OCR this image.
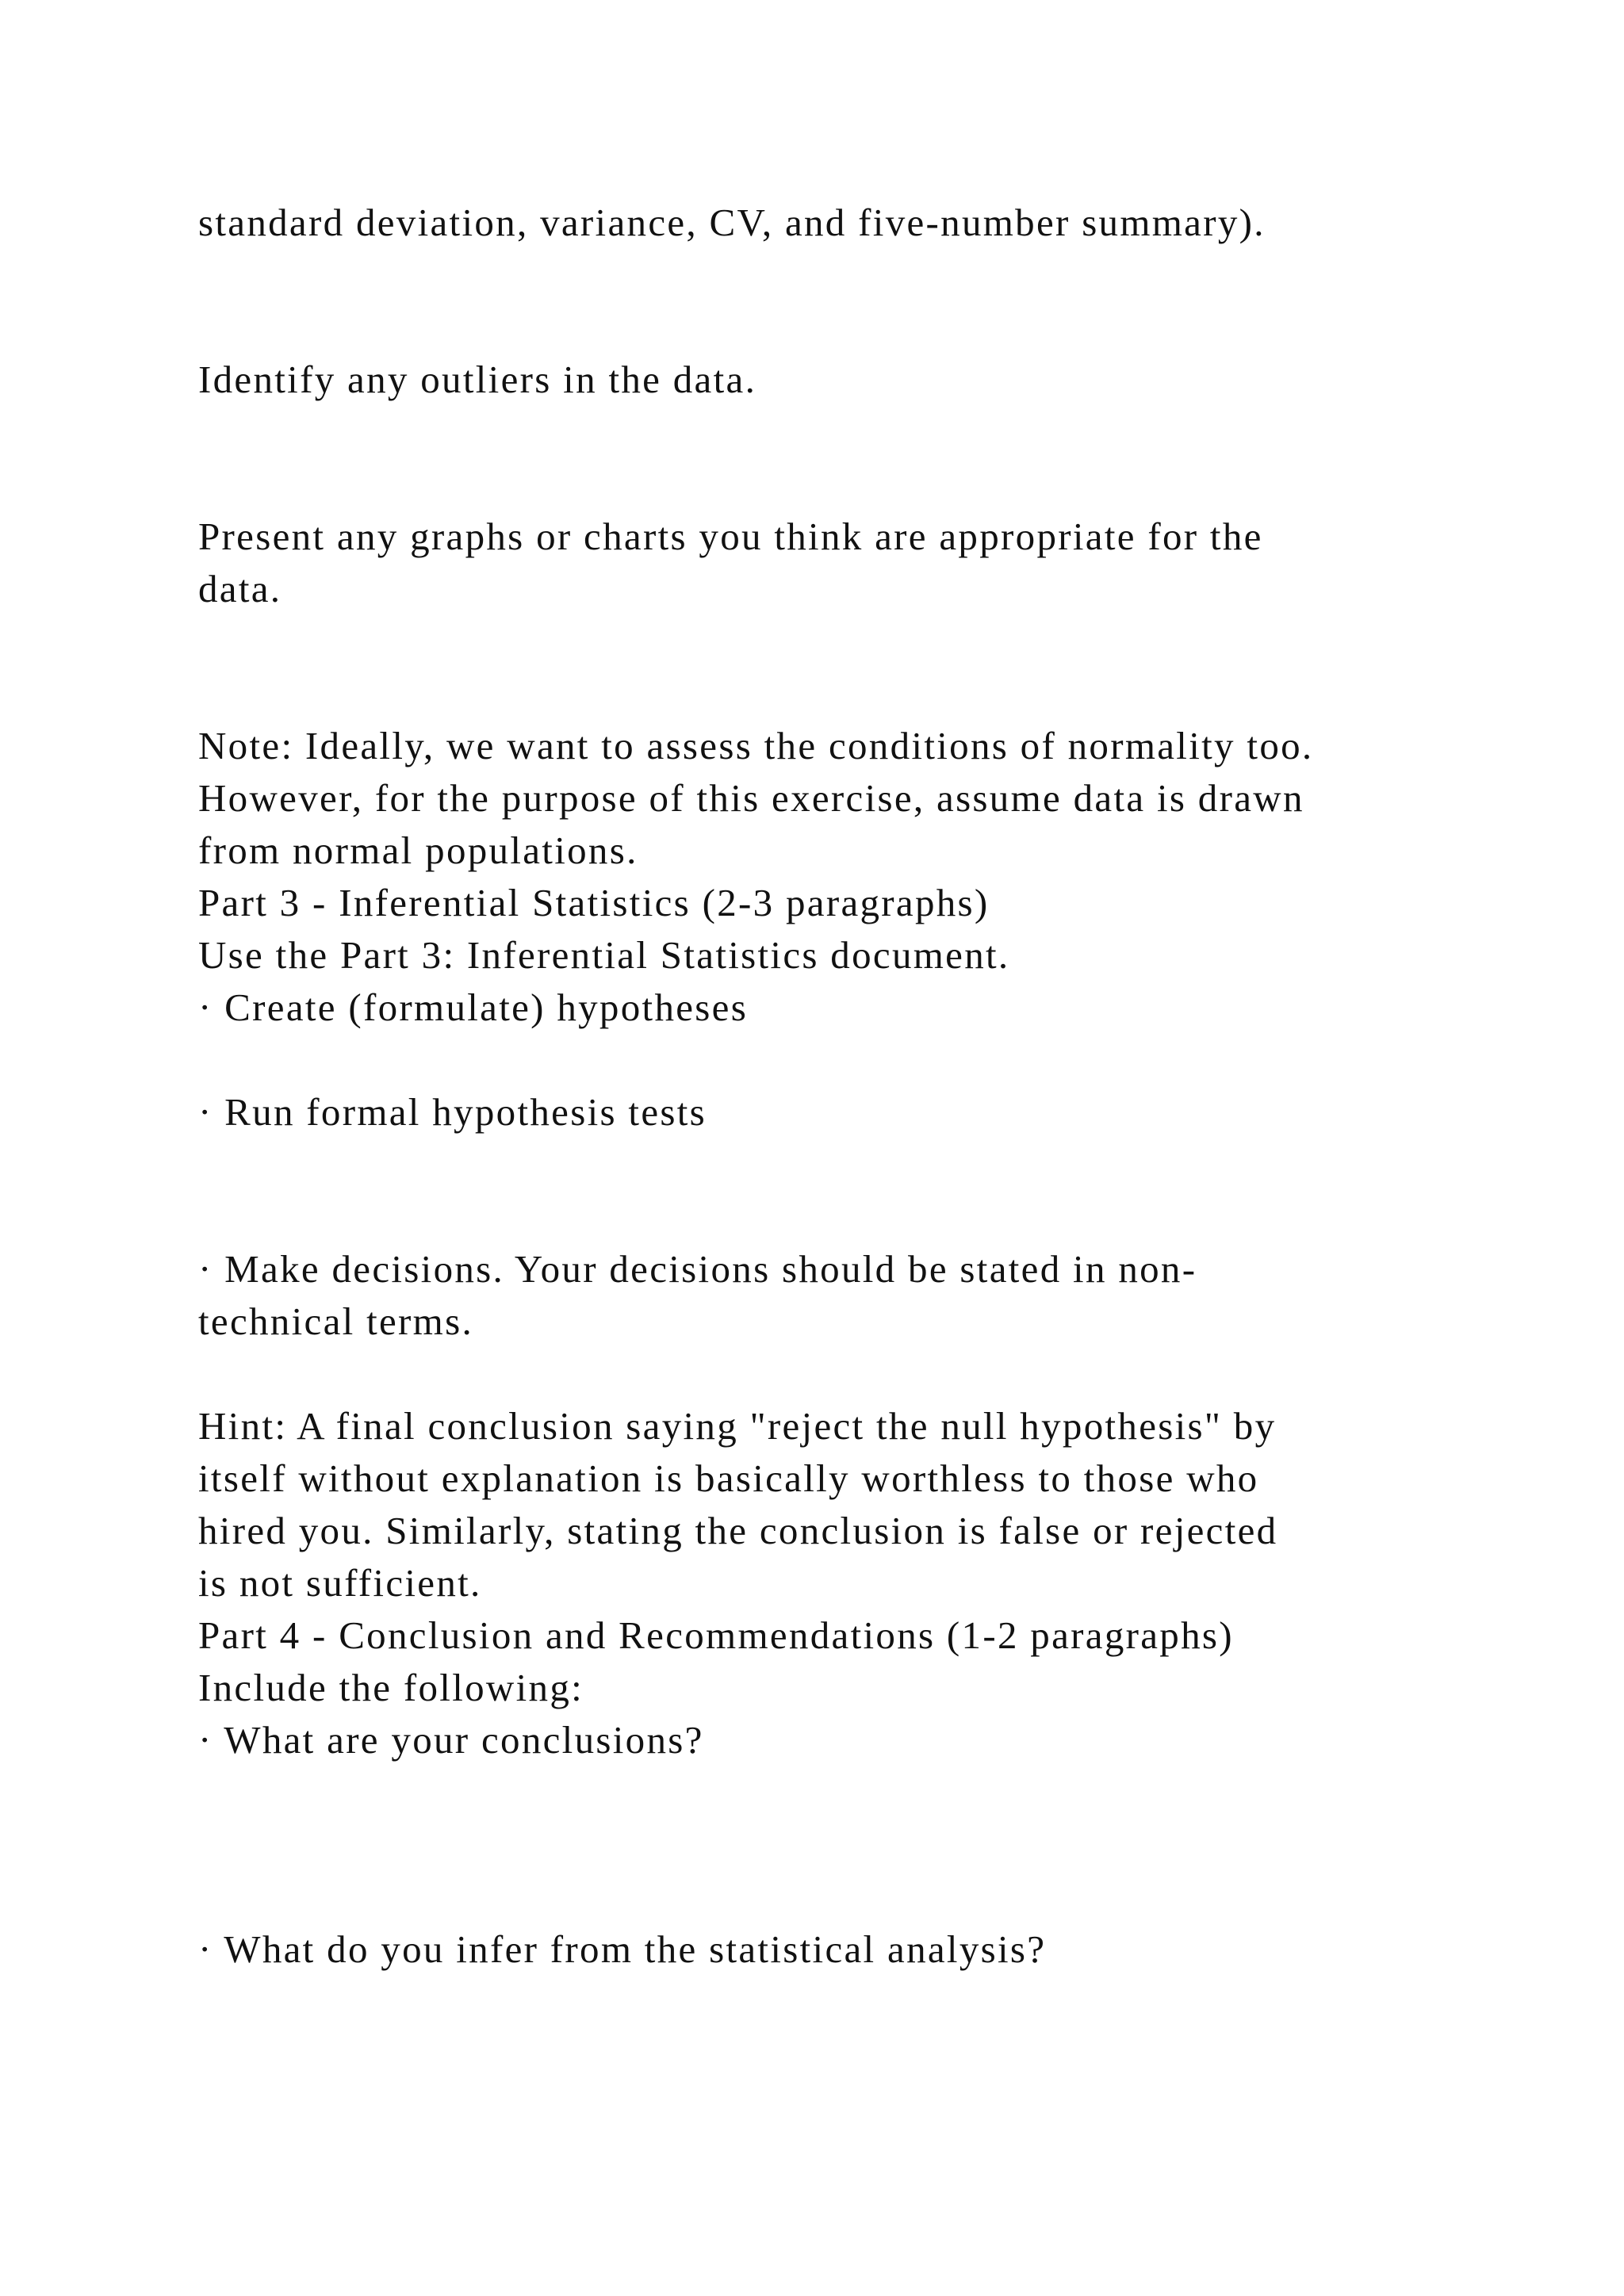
standard deviation, variance, CV, and five-number summary).

Identify any outliers in the data.

Present any graphs or charts you think are appropriate for the

data.

Note: Ideally, we want to assess the conditions of normality too.

However, for the purpose of this exercise, assume data is drawn

from normal populations.

Part 3 - Inferential Statistics (2-3 paragraphs)

Use the Part 3: Inferential Statistics document.

· Create (formulate) hypotheses

· Run formal hypothesis tests

· Make decisions. Your decisions should be stated in non-

technical terms.

Hint: A final conclusion saying "reject the null hypothesis" by

itself without explanation is basically worthless to those who

hired you. Similarly, stating the conclusion is false or rejected

is not sufficient.

Part 4 - Conclusion and Recommendations (1-2 paragraphs)

Include the following:

· What are your conclusions?

· What do you infer from the statistical analysis?
